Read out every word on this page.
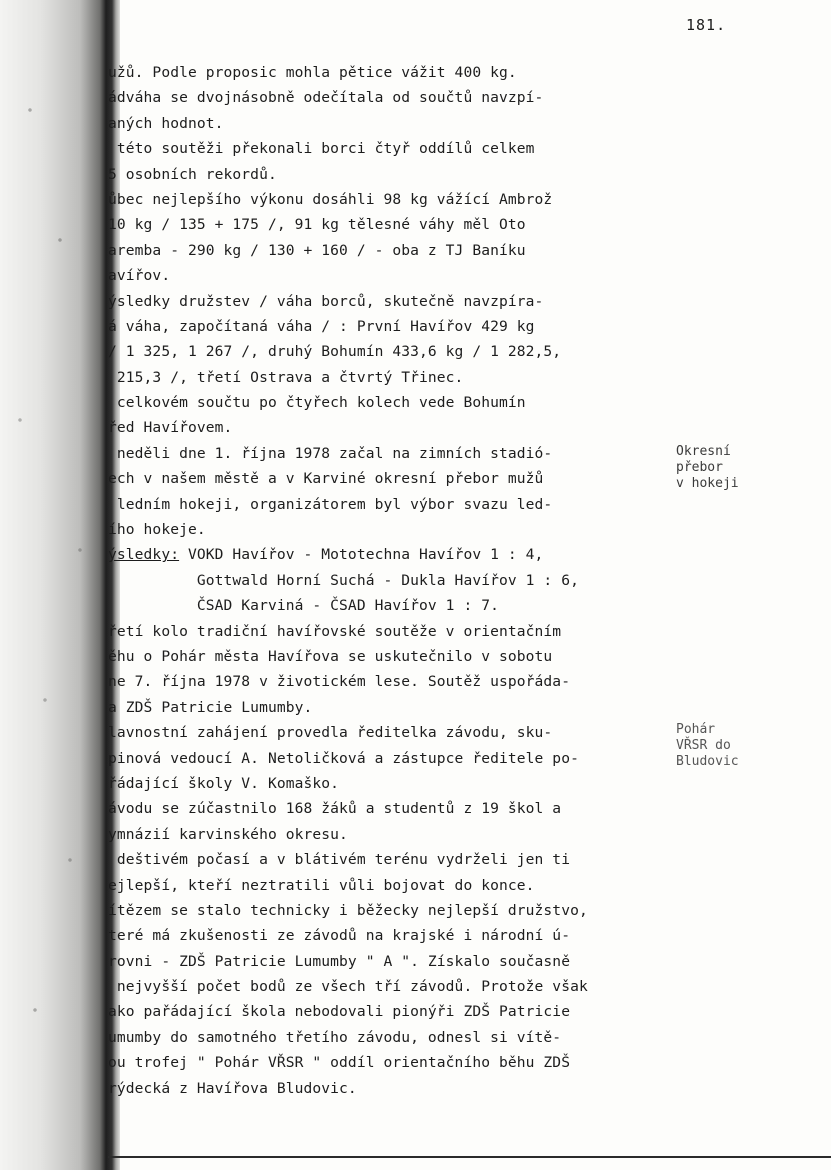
181.
užů. Podle proposic mohla pětice vážit 400 kg.
ádváha se dvojnásobně odečítala od součtů navzpí-
aných hodnot.
této soutěži překonali borci čtyř oddílů celkem
5 osobních rekordů.
ůbec nejlepšího výkonu dosáhli 98 kg vážící Ambrož
10 kg / 135 + 175 /, 91 kg tělesné váhy měl Oto
aremba - 290 kg / 130 + 160 / - oba z TJ Baníku
avířov.
ýsledky družstev / váha borců, skutečně navzpíra-
á váha, započítaná váha / : První Havířov 429 kg
/ 1 325, 1 267 /, druhý Bohumín 433,6 kg / 1 282,5,
215,3 /, třetí Ostrava a čtvrtý Třinec.
celkovém součtu po čtyřech kolech vede Bohumín
řed Havířovem.
neděli dne 1. října 1978 začal na zimních stadió-
ech v našem městě a v Karviné okresní přebor mužů
ledním hokeji, organizátorem byl výbor svazu led-
ího hokeje.
ýsledky: VOKD Havířov - Mototechna Havířov 1 : 4,
Gottwald Horní Suchá - Dukla Havířov 1 : 6,
ČSAD Karviná - ČSAD Havířov 1 : 7.
řetí kolo tradiční havířovské soutěže v orientačním
ěhu o Pohár města Havířova se uskutečnilo v sobotu
ne 7. října 1978 v životickém lese. Soutěž uspořáda-
a ZDŠ Patricie Lumumby.
lavnostní zahájení provedla ředitelka závodu, sku-
pinová vedoucí A. Netoličková a zástupce ředitele po-
řádající školy V. Komaško.
ávodu se zúčastnilo 168 žáků a studentů z 19 škol a
ymnázií karvinského okresu.
deštivém počasí a v blátivém terénu vydrželi jen ti
ejlepší, kteří neztratili vůli bojovat do konce.
ítězem se stalo technicky i běžecky nejlepší družstvo,
teré má zkušenosti ze závodů na krajské i národní ú-
rovni - ZDŠ Patricie Lumumby " A ". Získalo současně
nejvyšší počet bodů ze všech tří závodů. Protože však
ako pařádající škola nebodovali pionýři ZDŠ Patricie
umumby do samotného třetího závodu, odnesl si vítě-
ou trofej " Pohár VŘSR " oddíl orientačního běhu ZDŠ
rýdecká z Havířova Bludovic.
Okresní
přebor
v hokeji
Pohár
VŘSR do
Bludovic
